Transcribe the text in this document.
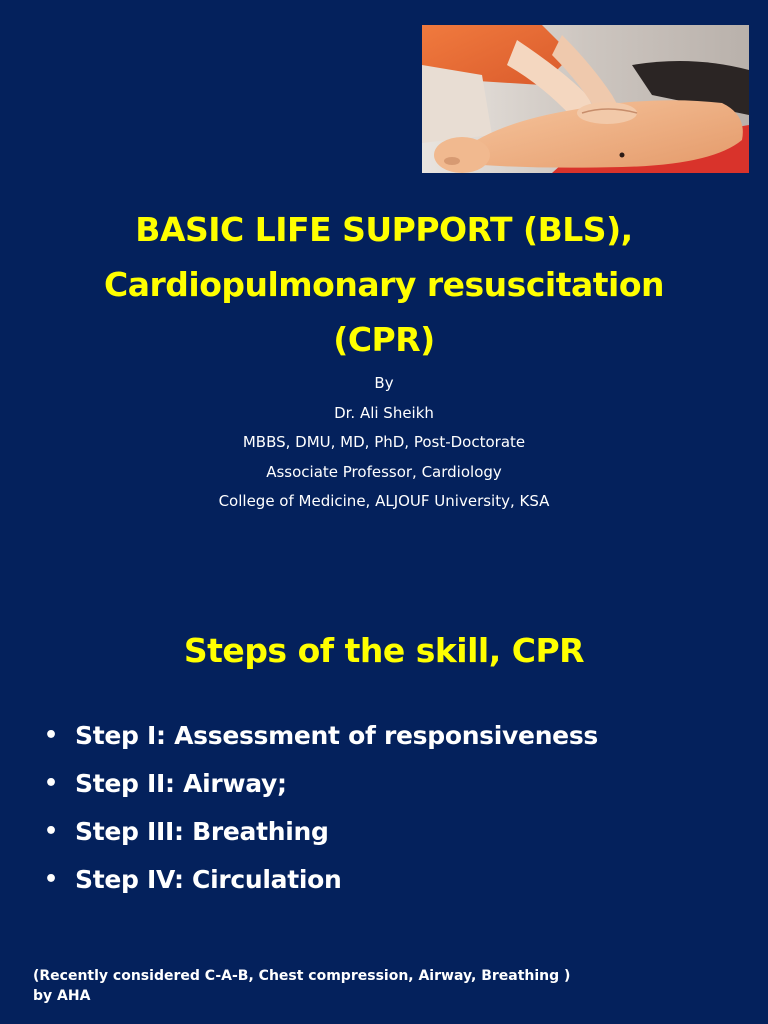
BASIC LIFE SUPPORT (BLS),
Cardiopulmonary resuscitation
(CPR)
By
Dr. Ali Sheikh
MBBS, DMU, MD, PhD, Post-Doctorate
Associate Professor, Cardiology
College of Medicine, ALJOUF University, KSA
Steps of the skill, CPR
• Step I: Assessment of responsiveness
• Step II: Airway;
• Step III: Breathing
• Step IV: Circulation
(Recently considered C-A-B, Chest compression, Airway, Breathing )
by AHA
